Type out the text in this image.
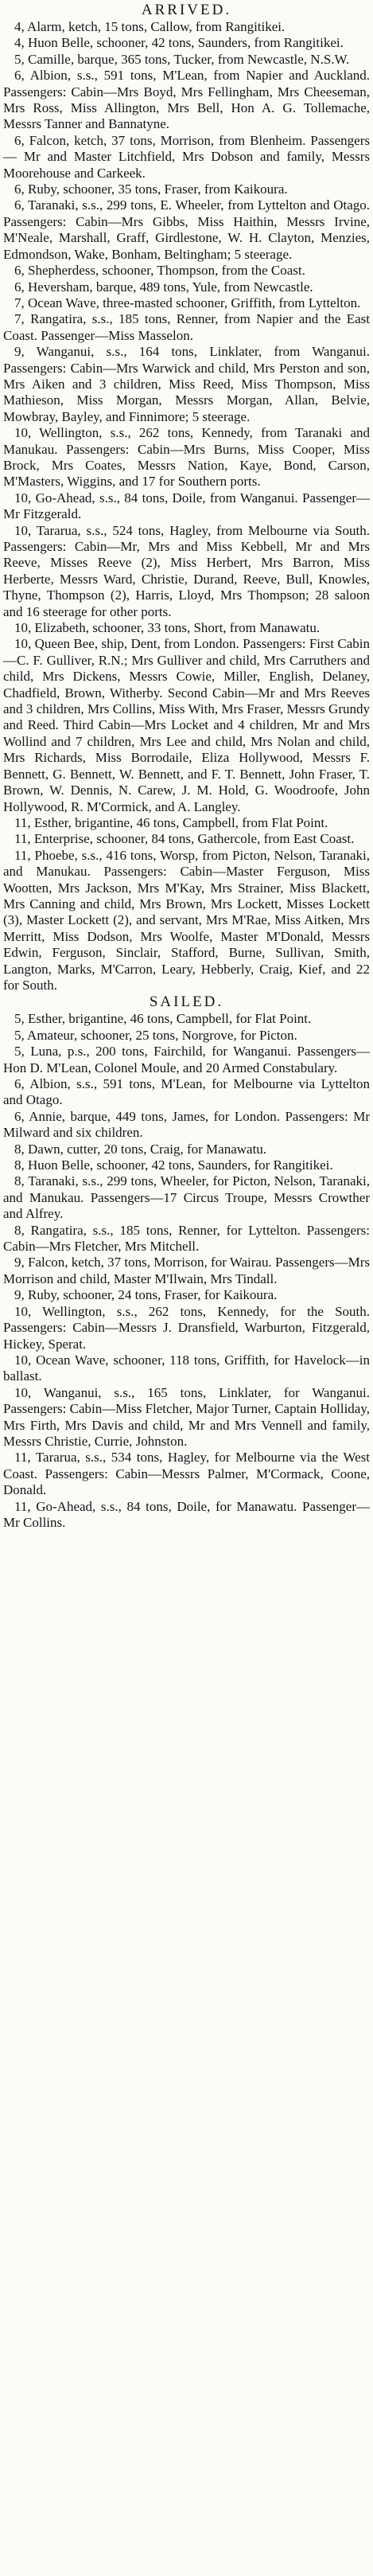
ARRIVED.

4, Alarm, ketch, 15 tons, Callow, from Rangitikei.

4, Huon Belle, schooner, 42 tons, Saunders, from Rangitikei.

5, Camille, barque, 365 tons, Tucker, from Newcastle, N.S.W.

6, Albion, s.s., 591 tons, M'Lean, from Napier and Auckland. Passengers: Cabin—Mrs Boyd, Mrs Fellingham, Mrs Cheeseman, Mrs Ross, Miss Allington, Mrs Bell, Hon A. G. Tollemache, Messrs Tanner and Bannatyne.

6, Falcon, ketch, 37 tons, Morrison, from Blenheim. Passengers — Mr and Master Litchfield, Mrs Dobson and family, Messrs Moorehouse and Carkeek.

6, Ruby, schooner, 35 tons, Fraser, from Kaikoura.

6, Taranaki, s.s., 299 tons, E. Wheeler, from Lyttelton and Otago. Passengers: Cabin—Mrs Gibbs, Miss Haithin, Messrs Irvine, M'Neale, Marshall, Graff, Girdlestone, W. H. Clayton, Menzies, Edmondson, Wake, Bonham, Beltingham; 5 steerage.

6, Shepherdess, schooner, Thompson, from the Coast.

6, Heversham, barque, 489 tons, Yule, from Newcastle.

7, Ocean Wave, three-masted schooner, Griffith, from Lyttelton.

7, Rangatira, s.s., 185 tons, Renner, from Napier and the East Coast. Passenger—Miss Masselon.

9, Wanganui, s.s., 164 tons, Linklater, from Wanganui. Passengers: Cabin—Mrs Warwick and child, Mrs Perston and son, Mrs Aiken and 3 children, Miss Reed, Miss Thompson, Miss Mathieson, Miss Morgan, Messrs Morgan, Allan, Belvie, Mowbray, Bayley, and Finnimore; 5 steerage.

10, Wellington, s.s., 262 tons, Kennedy, from Taranaki and Manukau. Passengers: Cabin—Mrs Burns, Miss Cooper, Miss Brock, Mrs Coates, Messrs Nation, Kaye, Bond, Carson, M'Masters, Wiggins, and 17 for Southern ports.

10, Go-Ahead, s.s., 84 tons, Doile, from Wanganui. Passenger—Mr Fitzgerald.

10, Tararua, s.s., 524 tons, Hagley, from Melbourne via South. Passengers: Cabin—Mr, Mrs and Miss Kebbell, Mr and Mrs Reeve, Misses Reeve (2), Miss Herbert, Mrs Barron, Miss Herberte, Messrs Ward, Christie, Durand, Reeve, Bull, Knowles, Thyne, Thompson (2), Harris, Lloyd, Mrs Thompson; 28 saloon and 16 steerage for other ports.

10, Elizabeth, schooner, 33 tons, Short, from Manawatu.

10, Queen Bee, ship, Dent, from London. Passengers: First Cabin—C. F. Gulliver, R.N.; Mrs Gulliver and child, Mrs Carruthers and child, Mrs Dickens, Messrs Cowie, Miller, English, Delaney, Chadfield, Brown, Witherby. Second Cabin—Mr and Mrs Reeves and 3 children, Mrs Collins, Miss With, Mrs Fraser, Messrs Grundy and Reed. Third Cabin—Mrs Locket and 4 children, Mr and Mrs Wollind and 7 children, Mrs Lee and child, Mrs Nolan and child, Mrs Richards, Miss Borrodaile, Eliza Hollywood, Messrs F. Bennett, G. Bennett, W. Bennett, and F. T. Bennett, John Fraser, T. Brown, W. Dennis, N. Carew, J. M. Hold, G. Woodroofe, John Hollywood, R. M'Cormick, and A. Langley.

11, Esther, brigantine, 46 tons, Campbell, from Flat Point.

11, Enterprise, schooner, 84 tons, Gathercole, from East Coast.

11, Phoebe, s.s., 416 tons, Worsp, from Picton, Nelson, Taranaki, and Manukau. Passengers: Cabin—Master Ferguson, Miss Wootten, Mrs Jackson, Mrs M'Kay, Mrs Strainer, Miss Blackett, Mrs Canning and child, Mrs Brown, Mrs Lockett, Misses Lockett (3), Master Lockett (2), and servant, Mrs M'Rae, Miss Aitken, Mrs Merritt, Miss Dodson, Mrs Woolfe, Master M'Donald, Messrs Edwin, Ferguson, Sinclair, Stafford, Burne, Sullivan, Smith, Langton, Marks, M'Carron, Leary, Hebberly, Craig, Kief, and 22 for South.

SAILED.

5, Esther, brigantine, 46 tons, Campbell, for Flat Point.

5, Amateur, schooner, 25 tons, Norgrove, for Picton.

5, Luna, p.s., 200 tons, Fairchild, for Wanganui. Passengers—Hon D. M'Lean, Colonel Moule, and 20 Armed Constabulary.

6, Albion, s.s., 591 tons, M'Lean, for Melbourne via Lyttelton and Otago.

6, Annie, barque, 449 tons, James, for London. Passengers: Mr Milward and six children.

8, Dawn, cutter, 20 tons, Craig, for Manawatu.

8, Huon Belle, schooner, 42 tons, Saunders, for Rangitikei.

8, Taranaki, s.s., 299 tons, Wheeler, for Picton, Nelson, Taranaki, and Manukau. Passengers—17 Circus Troupe, Messrs Crowther and Alfrey.

8, Rangatira, s.s., 185 tons, Renner, for Lyttelton. Passengers: Cabin—Mrs Fletcher, Mrs Mitchell.

9, Falcon, ketch, 37 tons, Morrison, for Wairau. Passengers—Mrs Morrison and child, Master M'Ilwain, Mrs Tindall.

9, Ruby, schooner, 24 tons, Fraser, for Kaikoura.

10, Wellington, s.s., 262 tons, Kennedy, for the South. Passengers: Cabin—Messrs J. Dransfield, Warburton, Fitzgerald, Hickey, Sperat.

10, Ocean Wave, schooner, 118 tons, Griffith, for Havelock—in ballast.

10, Wanganui, s.s., 165 tons, Linklater, for Wanganui. Passengers: Cabin—Miss Fletcher, Major Turner, Captain Holliday, Mrs Firth, Mrs Davis and child, Mr and Mrs Vennell and family, Messrs Christie, Currie, Johnston.

11, Tararua, s.s., 534 tons, Hagley, for Melbourne via the West Coast. Passengers: Cabin—Messrs Palmer, M'Cormack, Coone, Donald.

11, Go-Ahead, s.s., 84 tons, Doile, for Manawatu. Passenger—Mr Collins.
